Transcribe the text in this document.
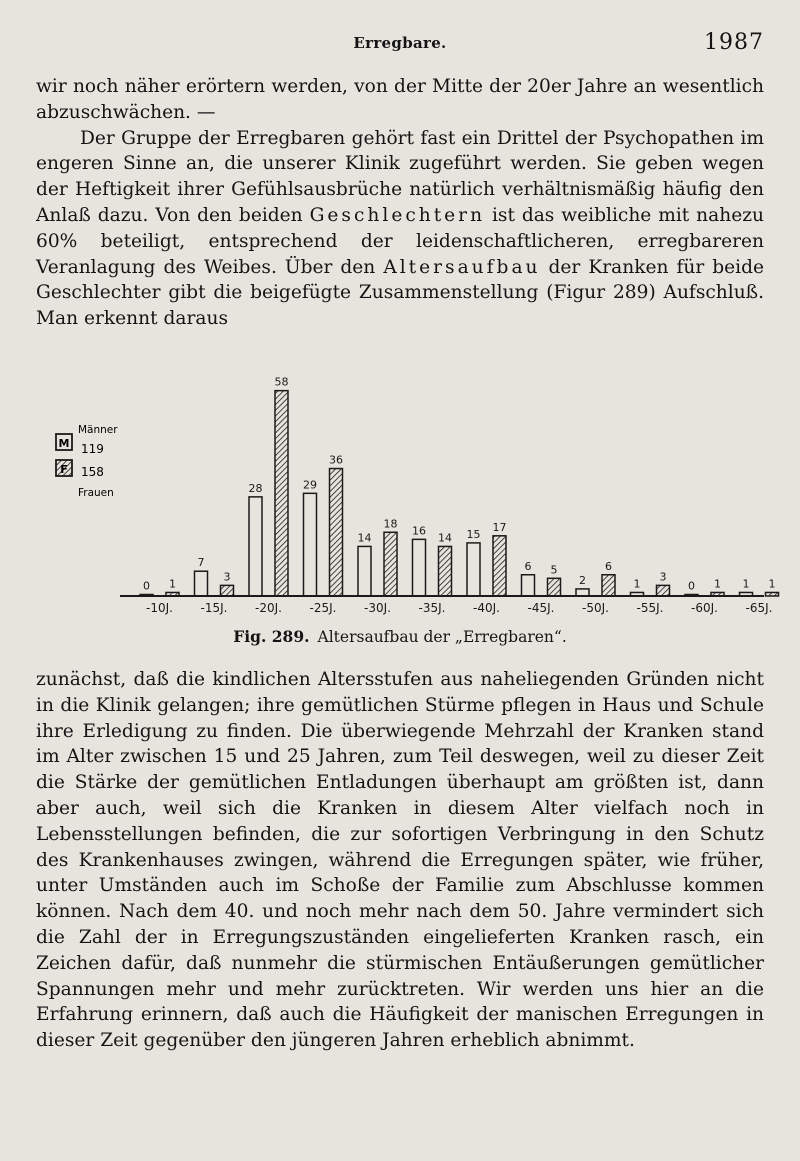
Erregbare.	1987

wir noch näher erörtern werden, von der Mitte der 20er Jahre an wesentlich abzuschwächen. —

Der Gruppe der Erregbaren gehört fast ein Drittel der Psychopathen im engeren Sinne an, die unserer Klinik zugeführt werden. Sie geben wegen der Heftigkeit ihrer Gefühlsausbrüche natürlich verhältnismäßig häufig den Anlaß dazu. Von den beiden Geschlechtern ist das weibliche mit nahezu 60% beteiligt, entsprechend der leidenschaftlicheren, erregbareren Veranlagung des Weibes. Über den Altersaufbau der Kranken für beide Geschlechter gibt die beigefügte Zusammenstellung (Figur 289) Aufschluß. Man erkennt daraus

0 1
7
3
28
58
29
36
14
18
16
14 15
17
6 5
2
6
1
3
0 1 1 1
-10J. -15J. -20J. -25J. -30J. -35J. -40J. -45J. -50J. -55J. -60J. -65J.
Männer
M 119
F 158
Frauen
Fig. 289. Altersaufbau der „Erregbaren“.

zunächst, daß die kindlichen Altersstufen aus naheliegenden Gründen nicht in die Klinik gelangen; ihre gemütlichen Stürme pflegen in Haus und Schule ihre Erledigung zu finden. Die überwiegende Mehrzahl der Kranken stand im Alter zwischen 15 und 25 Jahren, zum Teil deswegen, weil zu dieser Zeit die Stärke der gemütlichen Entladungen überhaupt am größten ist, dann aber auch, weil sich die Kranken in diesem Alter vielfach noch in Lebensstellungen befinden, die zur sofortigen Verbringung in den Schutz des Krankenhauses zwingen, während die Erregungen später, wie früher, unter Umständen auch im Schoße der Familie zum Abschlusse kommen können. Nach dem 40. und noch mehr nach dem 50. Jahre vermindert sich die Zahl der in Erregungszuständen eingelieferten Kranken rasch, ein Zeichen dafür, daß nunmehr die stürmischen Entäußerungen gemütlicher Spannungen mehr und mehr zurücktreten. Wir werden uns hier an die Erfahrung erinnern, daß auch die Häufigkeit der manischen Erregungen in dieser Zeit gegenüber den jüngeren Jahren erheblich abnimmt.
